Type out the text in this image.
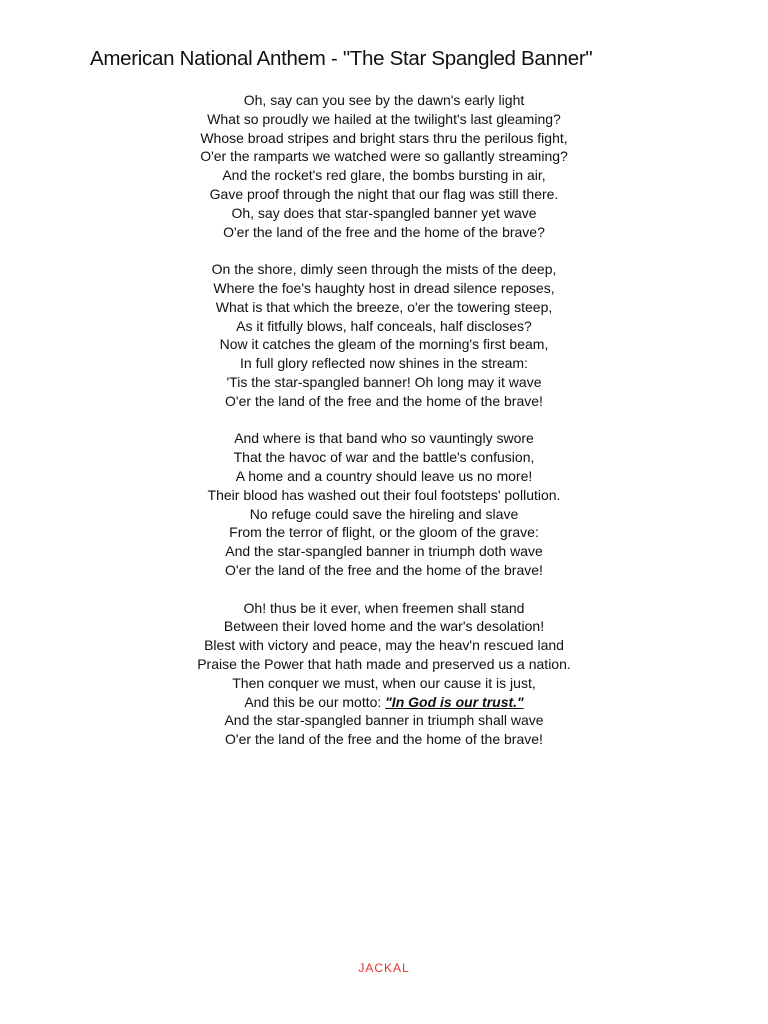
American National Anthem - "The Star Spangled Banner"
Oh, say can you see by the dawn's early light
What so proudly we hailed at the twilight's last gleaming?
Whose broad stripes and bright stars thru the perilous fight,
O'er the ramparts we watched were so gallantly streaming?
And the rocket's red glare, the bombs bursting in air,
Gave proof through the night that our flag was still there.
Oh, say does that star-spangled banner yet wave
O'er the land of the free and the home of the brave?
On the shore, dimly seen through the mists of the deep,
Where the foe's haughty host in dread silence reposes,
What is that which the breeze, o'er the towering steep,
As it fitfully blows, half conceals, half discloses?
Now it catches the gleam of the morning's first beam,
In full glory reflected now shines in the stream:
'Tis the star-spangled banner! Oh long may it wave
O'er the land of the free and the home of the brave!
And where is that band who so vauntingly swore
That the havoc of war and the battle's confusion,
A home and a country should leave us no more!
Their blood has washed out their foul footsteps' pollution.
No refuge could save the hireling and slave
From the terror of flight, or the gloom of the grave:
And the star-spangled banner in triumph doth wave
O'er the land of the free and the home of the brave!
Oh! thus be it ever, when freemen shall stand
Between their loved home and the war's desolation!
Blest with victory and peace, may the heav'n rescued land
Praise the Power that hath made and preserved us a nation.
Then conquer we must, when our cause it is just,
And this be our motto: "In God is our trust."
And the star-spangled banner in triumph shall wave
O'er the land of the free and the home of the brave!
JACKAL
